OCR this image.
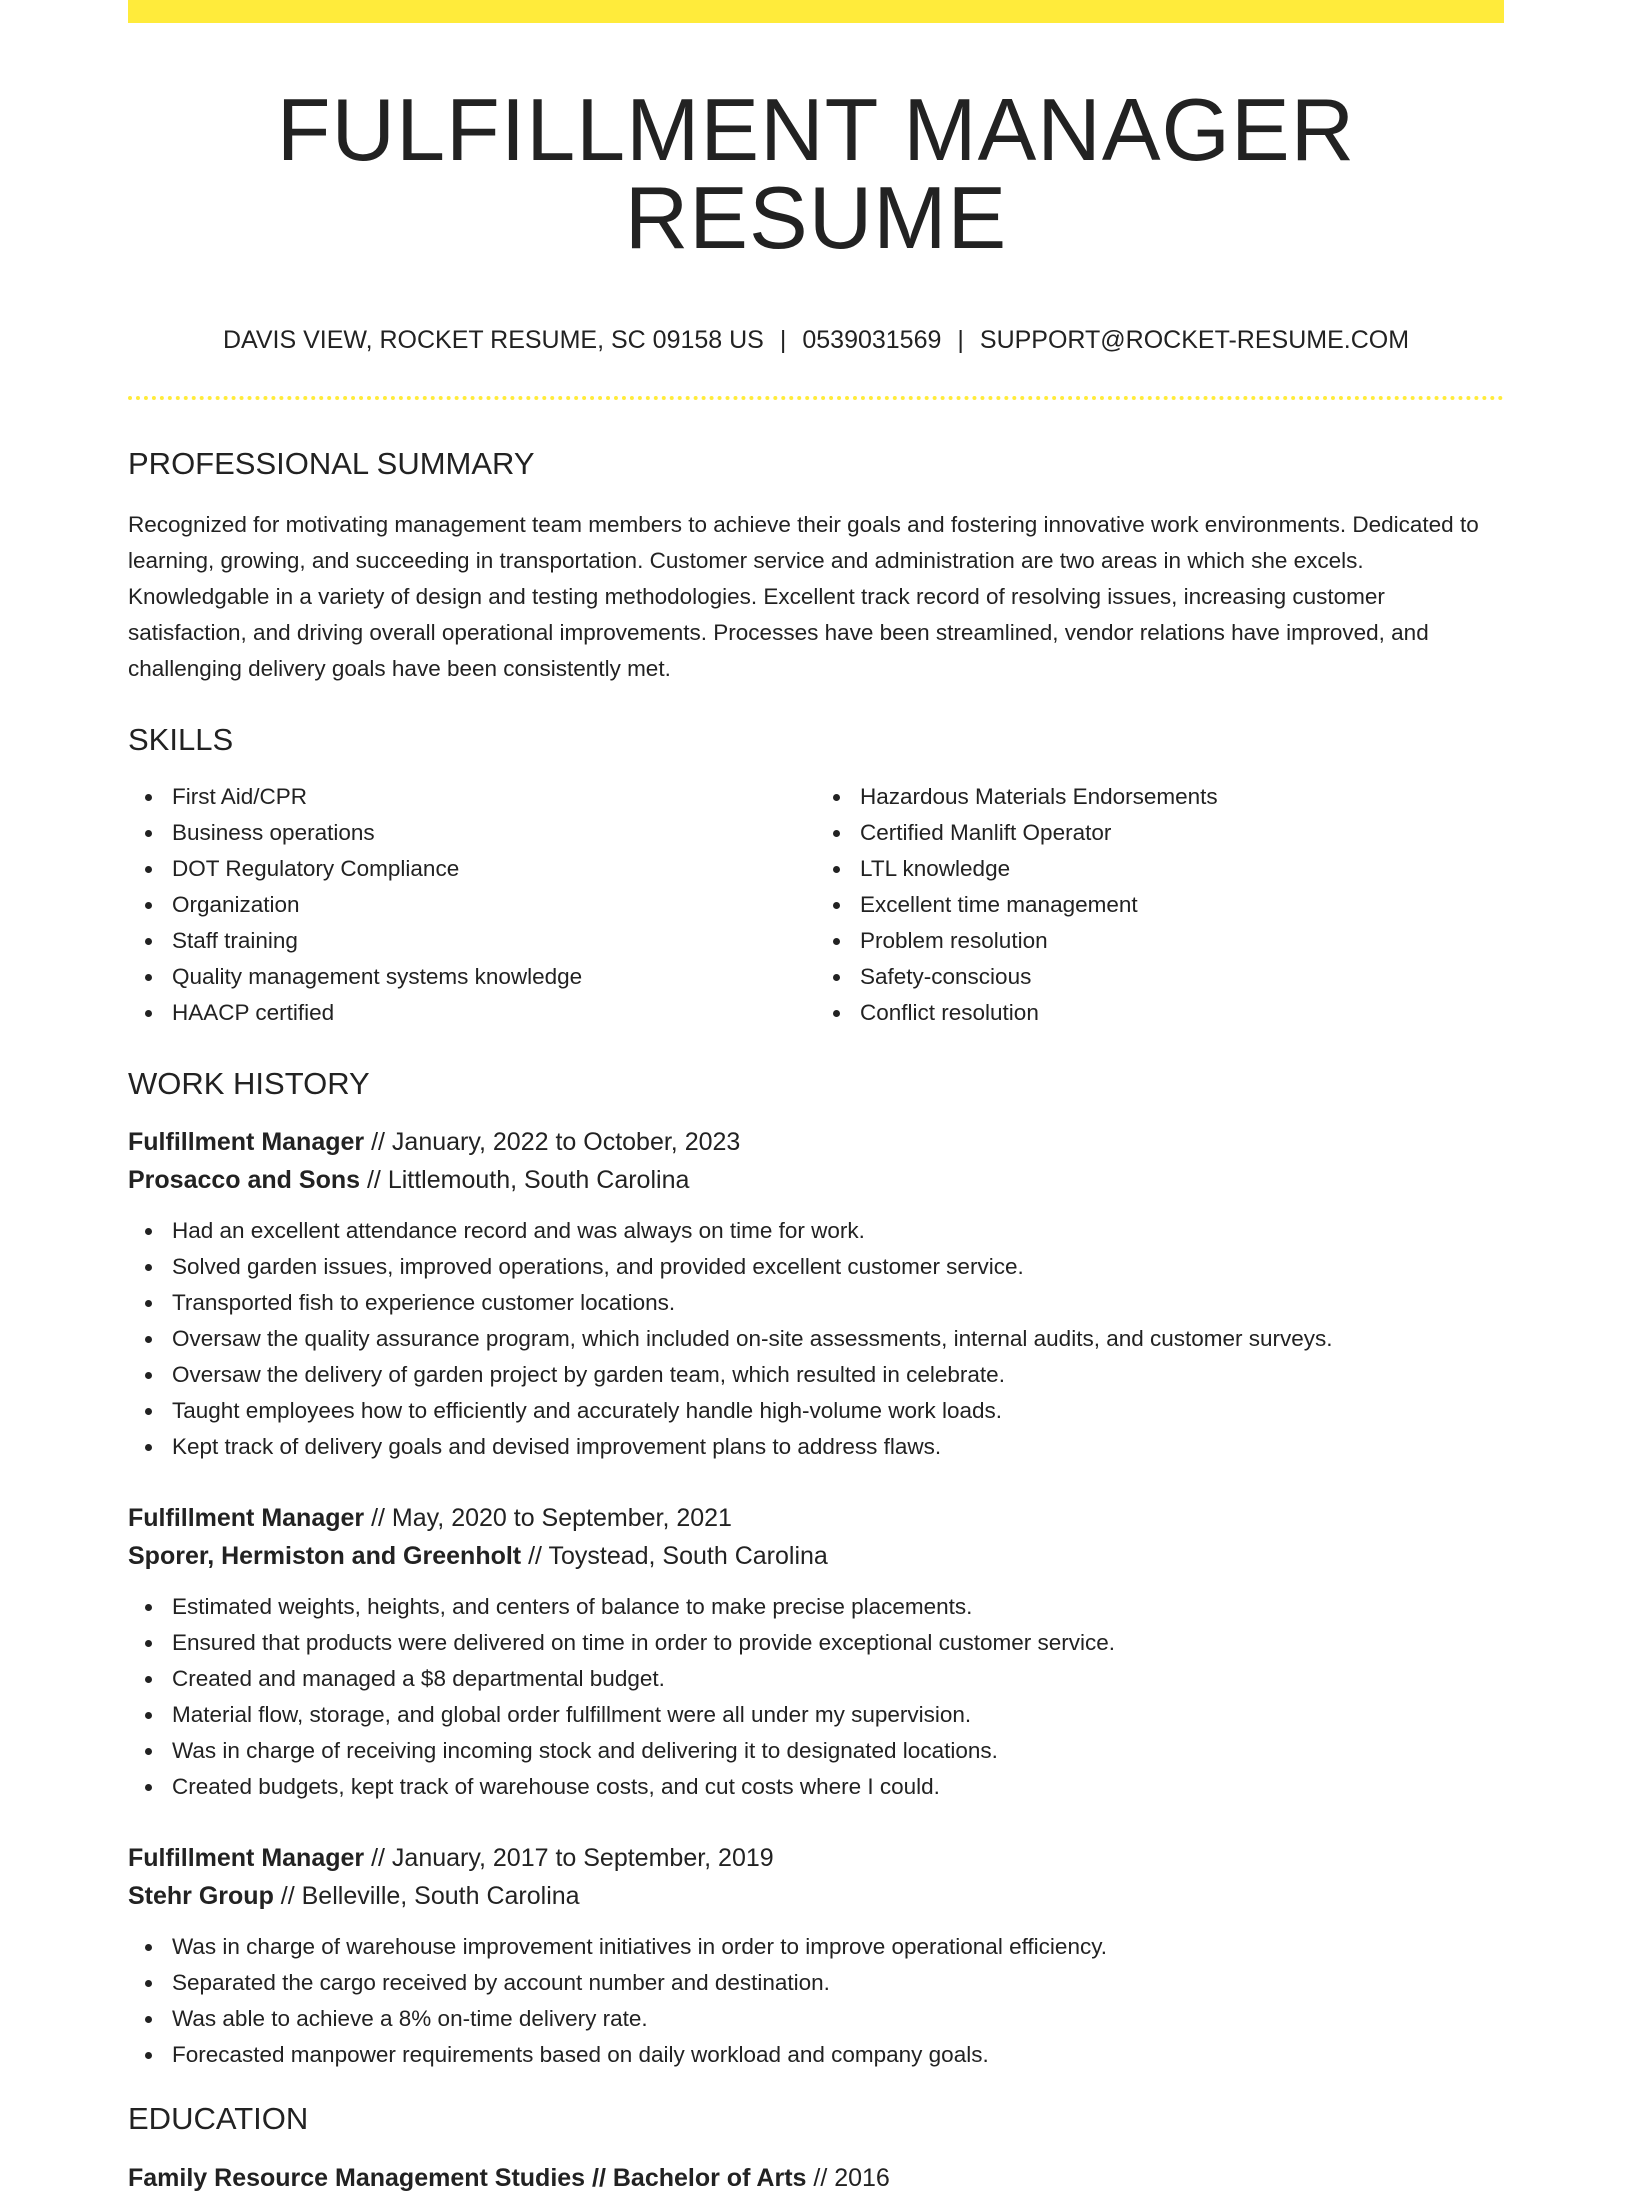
FULFILLMENT MANAGER RESUME
DAVIS VIEW, ROCKET RESUME, SC 09158 US | 0539031569 | SUPPORT@ROCKET-RESUME.COM
PROFESSIONAL SUMMARY

Recognized for motivating management team members to achieve their goals and fostering innovative work environments. Dedicated to learning, growing, and succeeding in transportation. Customer service and administration are two areas in which she excels. Knowledgable in a variety of design and testing methodologies. Excellent track record of resolving issues, increasing customer satisfaction, and driving overall operational improvements. Processes have been streamlined, vendor relations have improved, and challenging delivery goals have been consistently met.

SKILLS
First Aid/CPR
Business operations
DOT Regulatory Compliance
Organization
Staff training
Quality management systems knowledge
HAACP certified
Hazardous Materials Endorsements
Certified Manlift Operator
LTL knowledge
Excellent time management
Problem resolution
Safety-conscious
Conflict resolution
WORK HISTORY
Fulfillment Manager // January, 2022 to October, 2023
Prosacco and Sons // Littlemouth, South Carolina
Had an excellent attendance record and was always on time for work.
Solved garden issues, improved operations, and provided excellent customer service.
Transported fish to experience customer locations.
Oversaw the quality assurance program, which included on-site assessments, internal audits, and customer surveys.
Oversaw the delivery of garden project by garden team, which resulted in celebrate.
Taught employees how to efficiently and accurately handle high-volume work loads.
Kept track of delivery goals and devised improvement plans to address flaws.
Fulfillment Manager // May, 2020 to September, 2021
Sporer, Hermiston and Greenholt // Toystead, South Carolina
Estimated weights, heights, and centers of balance to make precise placements.
Ensured that products were delivered on time in order to provide exceptional customer service.
Created and managed a $8 departmental budget.
Material flow, storage, and global order fulfillment were all under my supervision.
Was in charge of receiving incoming stock and delivering it to designated locations.
Created budgets, kept track of warehouse costs, and cut costs where I could.
Fulfillment Manager // January, 2017 to September, 2019
Stehr Group // Belleville, South Carolina
Was in charge of warehouse improvement initiatives in order to improve operational efficiency.
Separated the cargo received by account number and destination.
Was able to achieve a 8% on-time delivery rate.
Forecasted manpower requirements based on daily workload and company goals.
EDUCATION
Family Resource Management Studies // Bachelor of Arts // 2016
